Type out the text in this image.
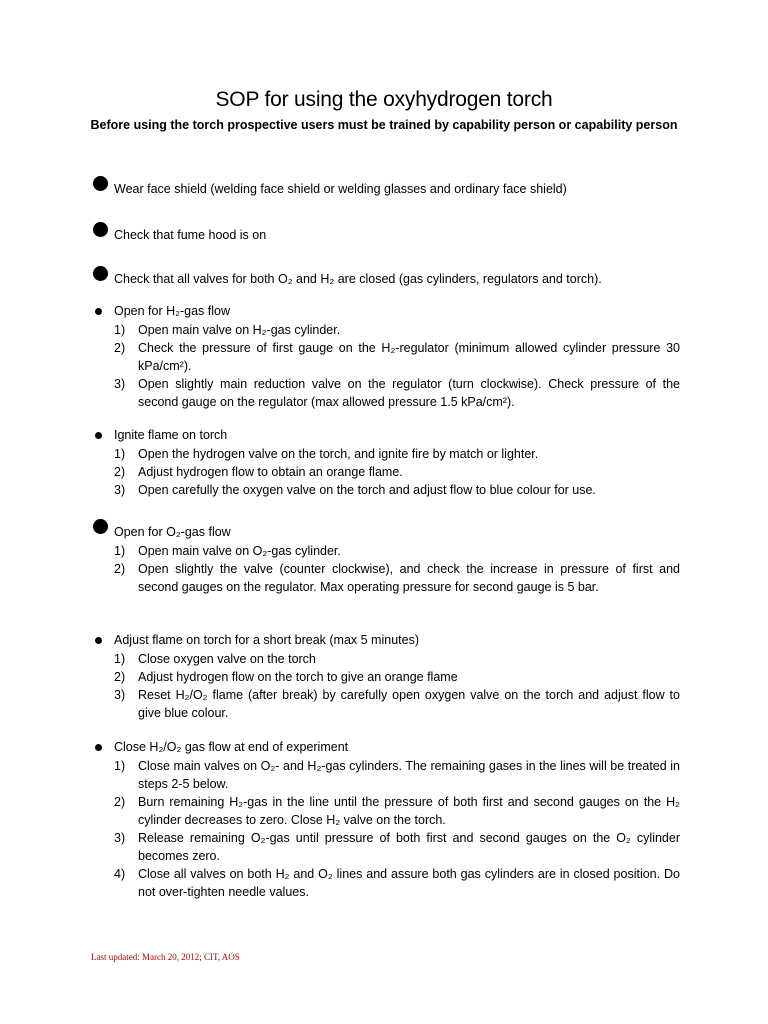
SOP for using the oxyhydrogen torch
Before using the torch prospective users must be trained by capability person or capability person
Wear face shield (welding face shield or welding glasses and ordinary face shield)
Check that fume hood is on
Check that all valves for both O₂ and H₂ are closed (gas cylinders, regulators and torch).
Open for H₂-gas flow
1) Open main valve on H₂-gas cylinder.
2) Check the pressure of first gauge on the H₂-regulator (minimum allowed cylinder pressure 30 kPa/cm²).
3) Open slightly main reduction valve on the regulator (turn clockwise). Check pressure of the second gauge on the regulator (max allowed pressure 1.5 kPa/cm²).
Ignite flame on torch
1) Open the hydrogen valve on the torch, and ignite fire by match or lighter.
2) Adjust hydrogen flow to obtain an orange flame.
3) Open carefully the oxygen valve on the torch and adjust flow to blue colour for use.
Open for O₂-gas flow
1) Open main valve on O₂-gas cylinder.
2) Open slightly the valve (counter clockwise), and check the increase in pressure of first and second gauges on the regulator. Max operating pressure for second gauge is 5 bar.
Adjust flame on torch for a short break (max 5 minutes)
1) Close oxygen valve on the torch
2) Adjust hydrogen flow on the torch to give an orange flame
3) Reset H₂/O₂ flame (after break) by carefully open oxygen valve on the torch and adjust flow to give blue colour.
Close H₂/O₂ gas flow at end of experiment
1) Close main valves on O₂- and H₂-gas cylinders. The remaining gases in the lines will be treated in steps 2-5 below.
2) Burn remaining H₂-gas in the line until the pressure of both first and second gauges on the H₂ cylinder decreases to zero. Close H₂ valve on the torch.
3) Release remaining O₂-gas until pressure of both first and second gauges on the O₂ cylinder becomes zero.
4) Close all valves on both H₂ and O₂ lines and assure both gas cylinders are in closed position. Do not over-tighten needle values.
Last updated: March 20, 2012; CIT, AOS
